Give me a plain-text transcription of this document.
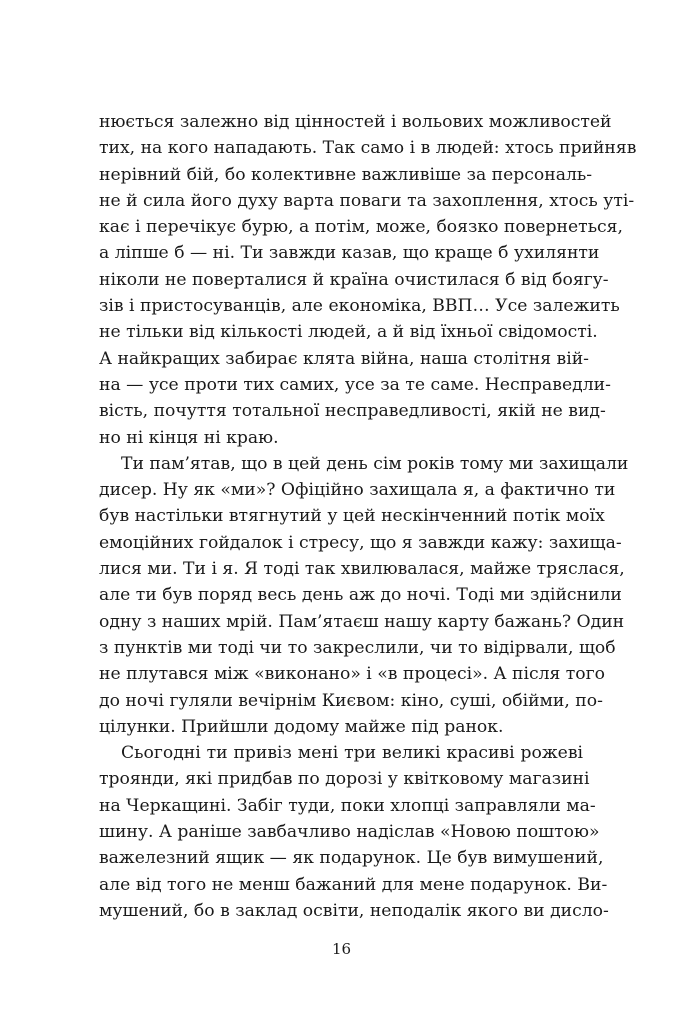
нюється залежно від цінностей і вольових можливостей
тих, на кого нападають. Так само і в людей: хтось прийняв
нерівний бій, бо колективне важливіше за персональ-
не й сила його духу варта поваги та захоплення, хтось уті-
кає і перечікує бурю, а потім, може, боязко повернеться,
а ліпше б — ні. Ти завжди казав, що краще б ухилянти
ніколи не поверталися й країна очистилася б від боягу-
зів і пристосуванців, але економіка, ВВП… Усе залежить
не тільки від кількості людей, а й від їхньої свідомості.
А найкращих забирає клята війна, наша столітня вій-
на — усе проти тих самих, усе за те саме. Несправедли-
вість, почуття тотальної несправедливості, якій не вид-
но ні кінця ні краю.
Ти пам’ятав, що в цей день сім років тому ми захищали
дисер. Ну як «ми»? Офіційно захищала я, а фактично ти
був настільки втягнутий у цей нескінченний потік моїх
емоційних гойдалок і стресу, що я завжди кажу: захища-
лися ми. Ти і я. Я тоді так хвилювалася, майже тряслася,
але ти був поряд весь день аж до ночі. Тоді ми здійснили
одну з наших мрій. Пам’ятаєш нашу карту бажань? Один
з пунктів ми тоді чи то закреслили, чи то відірвали, щоб
не плутався між «виконано» і «в процесі». А після того
до ночі гуляли вечірнім Києвом: кіно, суші, обійми, по-
цілунки. Прийшли додому майже під ранок.
Сьогодні ти привіз мені три великі красиві рожеві
троянди, які придбав по дорозі у квітковому магазині
на Черкащині. Забіг туди, поки хлопці заправляли ма-
шину. А раніше завбачливо надіслав «Новою поштою»
важелезний ящик — як подарунок. Це був вимушений,
але від того не менш бажаний для мене подарунок. Ви-
мушений, бо в заклад освіти, неподалік якого ви дисло-
16
